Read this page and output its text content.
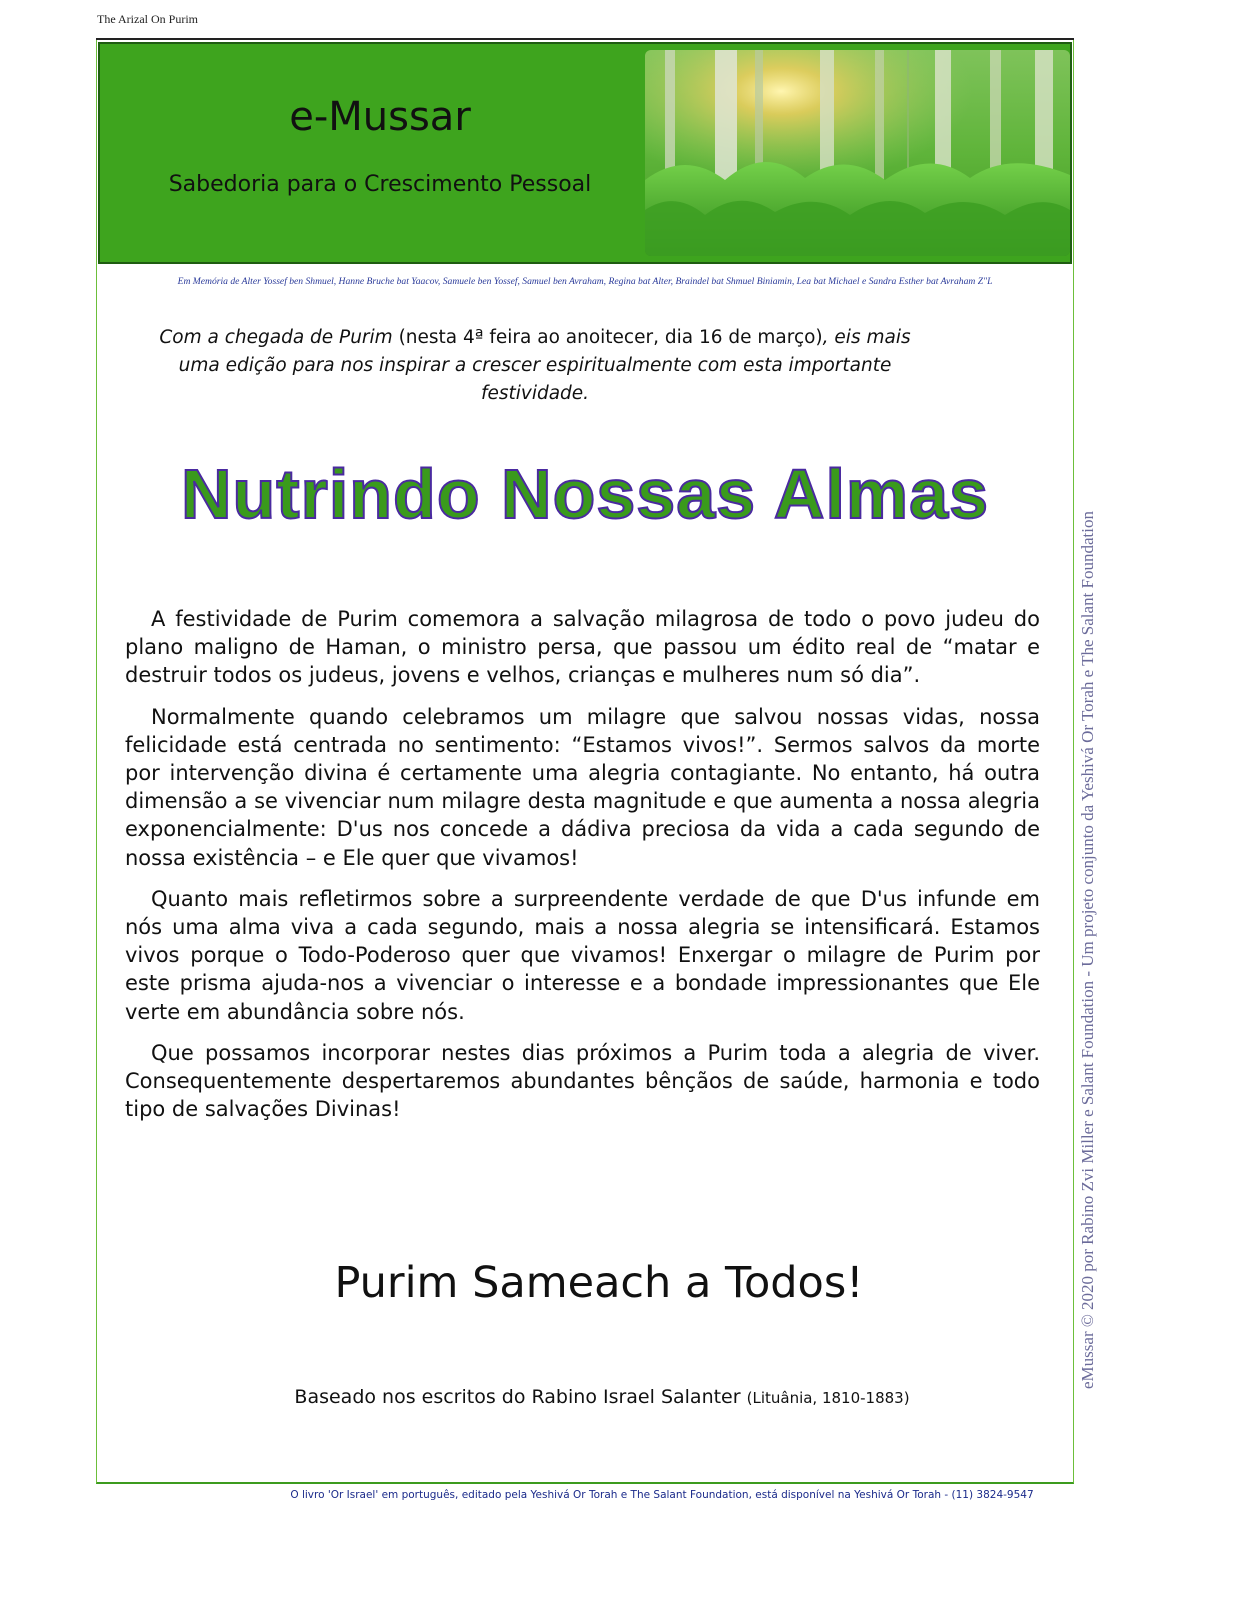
The Arizal On Purim
e-Mussar
Sabedoria para o Crescimento Pessoal
Em Memória de Alter Yossef ben Shmuel, Hanne Bruche bat Yaacov, Samuele ben Yossef, Samuel ben Avraham, Regina bat Alter, Braindel bat Shmuel Biniamin, Lea bat Michael e Sandra Esther bat Avraham Z"L
Com a chegada de Purim (nesta 4ª feira ao anoitecer, dia 16 de março), eis mais uma edição para nos inspirar a crescer espiritualmente com esta importante festividade.
Nutrindo Nossas Almas

A festividade de Purim comemora a salvação milagrosa de todo o povo judeu do plano maligno de Haman, o ministro persa, que passou um édito real de “matar e destruir todos os judeus, jovens e velhos, crianças e mulheres num só dia”.

Normalmente quando celebramos um milagre que salvou nossas vidas, nossa felicidade está centrada no sentimento: “Estamos vivos!”. Sermos salvos da morte por intervenção divina é certamente uma alegria contagiante. No entanto, há outra dimensão a se vivenciar num milagre desta magnitude e que aumenta a nossa alegria exponencialmente: D'us nos concede a dádiva preciosa da vida a cada segundo de nossa existência – e Ele quer que vivamos!

Quanto mais refletirmos sobre a surpreendente verdade de que D'us infunde em nós uma alma viva a cada segundo, mais a nossa alegria se intensificará. Estamos vivos porque o Todo-Poderoso quer que vivamos! Enxergar o milagre de Purim por este prisma ajuda-nos a vivenciar o interesse e a bondade impressionantes que Ele verte em abundância sobre nós.

Que possamos incorporar nestes dias próximos a Purim toda a alegria de viver. Consequentemente despertaremos abundantes bênçãos de saúde, harmonia e todo tipo de salvações Divinas!

Purim Sameach a Todos!
Baseado nos escritos do Rabino Israel Salanter (Lituânia, 1810-1883)
O livro 'Or Israel' em português, editado pela Yeshivá Or Torah e The Salant Foundation, está disponível na Yeshivá Or Torah - (11) 3824-9547
eMussar © 2020 por Rabino Zvi Miller e Salant Foundation - Um projeto conjunto da Yeshivá Or Torah e The Salant Foundation
